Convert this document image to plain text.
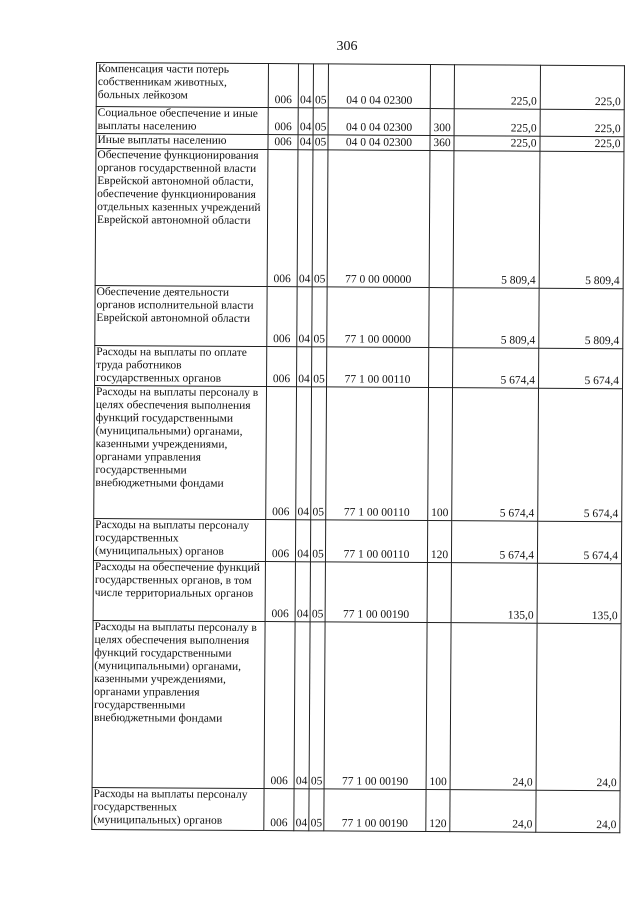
306
Компенсация части потерь собственникам животных, больных лейкозом	006	04	05	04 0 04 02300		225,0	225,0
Социальное обеспечение и иные выплаты населению	006	04	05	04 0 04 02300	300	225,0	225,0
Иные выплаты населению	006	04	05	04 0 04 02300	360	225,0	225,0
Обеспечение функционирования органов государственной власти Еврейской автономной области, обеспечение функционирования отдельных казенных учреждений Еврейской автономной области	006	04	05	77 0 00 00000		5 809,4	5 809,4
Обеспечение деятельности органов исполнительной власти Еврейской автономной области	006	04	05	77 1 00 00000		5 809,4	5 809,4
Расходы на выплаты по оплате труда работников государственных органов	006	04	05	77 1 00 00110		5 674,4	5 674,4
Расходы на выплаты персоналу в целях обеспечения выполнения функций государственными (муниципальными) органами, казенными учреждениями, органами управления государственными внебюджетными фондами	006	04	05	77 1 00 00110	100	5 674,4	5 674,4
Расходы на выплаты персоналу государственных (муниципальных) органов	006	04	05	77 1 00 00110	120	5 674,4	5 674,4
Расходы на обеспечение функций государственных органов, в том числе территориальных органов	006	04	05	77 1 00 00190		135,0	135,0
Расходы на выплаты персоналу в целях обеспечения выполнения функций государственными (муниципальными) органами, казенными учреждениями, органами управления государственными внебюджетными фондами	006	04	05	77 1 00 00190	100	24,0	24,0
Расходы на выплаты персоналу государственных (муниципальных) органов	006	04	05	77 1 00 00190	120	24,0	24,0
